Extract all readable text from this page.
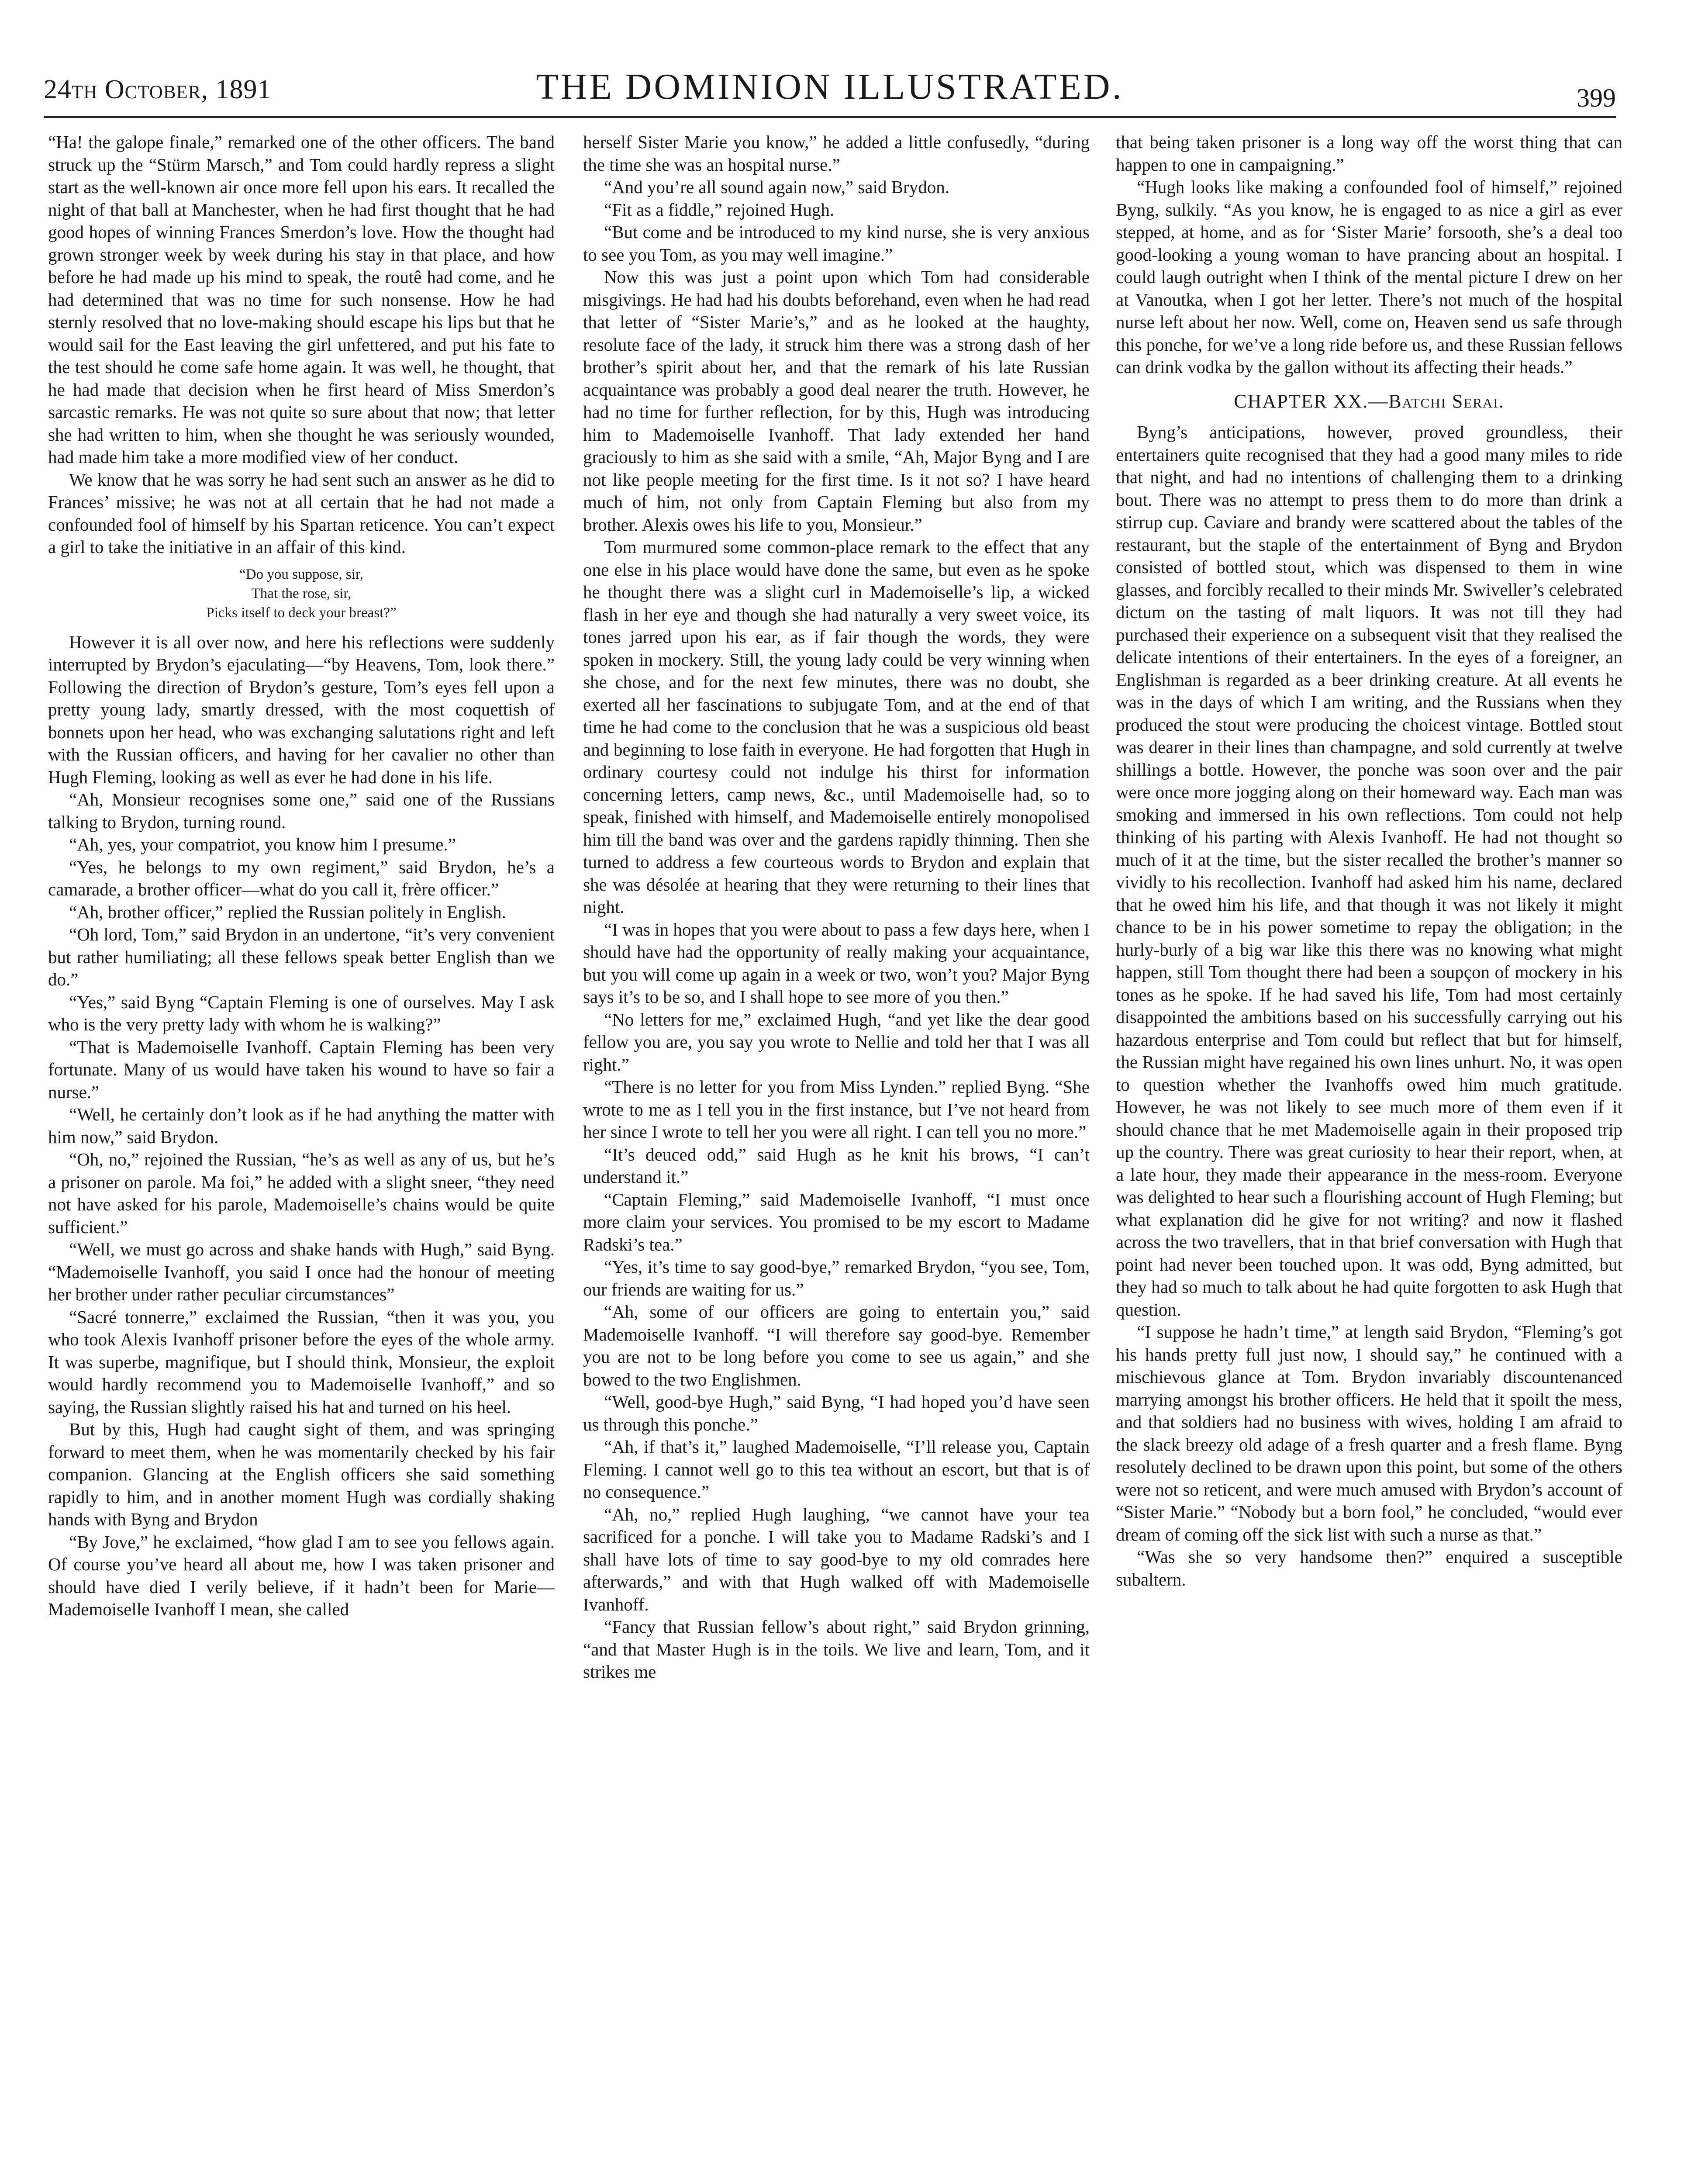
24th October, 1891	THE DOMINION ILLUSTRATED.	399

“Ha! the galope finale,” remarked one of the other officers. The band struck up the “Stürm Marsch,” and Tom could hardly repress a slight start as the well-known air once more fell upon his ears. It recalled the night of that ball at Manchester, when he had first thought that he had good hopes of winning Frances Smerdon’s love. How the thought had grown stronger week by week during his stay in that place, and how before he had made up his mind to speak, the routê had come, and he had determined that was no time for such nonsense. How he had sternly resolved that no love-making should escape his lips but that he would sail for the East leaving the girl unfettered, and put his fate to the test should he come safe home again. It was well, he thought, that he had made that decision when he first heard of Miss Smerdon’s sarcastic remarks. He was not quite so sure about that now; that letter she had written to him, when she thought he was seriously wounded, had made him take a more modified view of her conduct.

We know that he was sorry he had sent such an answer as he did to Frances’ missive; he was not at all certain that he had not made a confounded fool of himself by his Spartan reticence. You can’t expect a girl to take the initiative in an affair of this kind.

“Do you suppose, sir,
That the rose, sir,
Picks itself to deck your breast?”

However it is all over now, and here his reflections were suddenly interrupted by Brydon’s ejaculating—“by Heavens, Tom, look there.” Following the direction of Brydon’s gesture, Tom’s eyes fell upon a pretty young lady, smartly dressed, with the most coquettish of bonnets upon her head, who was exchanging salutations right and left with the Russian officers, and having for her cavalier no other than Hugh Fleming, looking as well as ever he had done in his life.

“Ah, Monsieur recognises some one,” said one of the Russians talking to Brydon, turning round.

“Ah, yes, your compatriot, you know him I presume.”

“Yes, he belongs to my own regiment,” said Brydon, he’s a camarade, a brother officer—what do you call it, frère officer.”

“Ah, brother officer,” replied the Russian politely in English.

“Oh lord, Tom,” said Brydon in an undertone, “it’s very convenient but rather humiliating; all these fellows speak better English than we do.”

“Yes,” said Byng “Captain Fleming is one of ourselves. May I ask who is the very pretty lady with whom he is walking?”

“That is Mademoiselle Ivanhoff. Captain Fleming has been very fortunate. Many of us would have taken his wound to have so fair a nurse.”

“Well, he certainly don’t look as if he had anything the matter with him now,” said Brydon.

“Oh, no,” rejoined the Russian, “he’s as well as any of us, but he’s a prisoner on parole. Ma foi,” he added with a slight sneer, “they need not have asked for his parole, Mademoiselle’s chains would be quite sufficient.”

“Well, we must go across and shake hands with Hugh,” said Byng. “Mademoiselle Ivanhoff, you said I once had the honour of meeting her brother under rather peculiar circumstances”

“Sacré tonnerre,” exclaimed the Russian, “then it was you, you who took Alexis Ivanhoff prisoner before the eyes of the whole army. It was superbe, magnifique, but I should think, Monsieur, the exploit would hardly recommend you to Mademoiselle Ivanhoff,” and so saying, the Russian slightly raised his hat and turned on his heel.

But by this, Hugh had caught sight of them, and was springing forward to meet them, when he was momentarily checked by his fair companion. Glancing at the English officers she said something rapidly to him, and in another moment Hugh was cordially shaking hands with Byng and Brydon

“By Jove,” he exclaimed, “how glad I am to see you fellows again. Of course you’ve heard all about me, how I was taken prisoner and should have died I verily believe, if it hadn’t been for Marie—Mademoiselle Ivanhoff I mean, she called

herself Sister Marie you know,” he added a little confusedly, “during the time she was an hospital nurse.”

“And you’re all sound again now,” said Brydon.

“Fit as a fiddle,” rejoined Hugh.

“But come and be introduced to my kind nurse, she is very anxious to see you Tom, as you may well imagine.”

Now this was just a point upon which Tom had considerable misgivings. He had had his doubts beforehand, even when he had read that letter of “Sister Marie’s,” and as he looked at the haughty, resolute face of the lady, it struck him there was a strong dash of her brother’s spirit about her, and that the remark of his late Russian acquaintance was probably a good deal nearer the truth. However, he had no time for further reflection, for by this, Hugh was introducing him to Mademoiselle Ivanhoff. That lady extended her hand graciously to him as she said with a smile, “Ah, Major Byng and I are not like people meeting for the first time. Is it not so? I have heard much of him, not only from Captain Fleming but also from my brother. Alexis owes his life to you, Monsieur.”

Tom murmured some common-place remark to the effect that any one else in his place would have done the same, but even as he spoke he thought there was a slight curl in Mademoiselle’s lip, a wicked flash in her eye and though she had naturally a very sweet voice, its tones jarred upon his ear, as if fair though the words, they were spoken in mockery. Still, the young lady could be very winning when she chose, and for the next few minutes, there was no doubt, she exerted all her fascinations to subjugate Tom, and at the end of that time he had come to the conclusion that he was a suspicious old beast and beginning to lose faith in everyone. He had forgotten that Hugh in ordinary courtesy could not indulge his thirst for information concerning letters, camp news, &c., until Mademoiselle had, so to speak, finished with himself, and Mademoiselle entirely monopolised him till the band was over and the gardens rapidly thinning. Then she turned to address a few courteous words to Brydon and explain that she was désolée at hearing that they were returning to their lines that night.

“I was in hopes that you were about to pass a few days here, when I should have had the opportunity of really making your acquaintance, but you will come up again in a week or two, won’t you? Major Byng says it’s to be so, and I shall hope to see more of you then.”

“No letters for me,” exclaimed Hugh, “and yet like the dear good fellow you are, you say you wrote to Nellie and told her that I was all right.”

“There is no letter for you from Miss Lynden.” replied Byng. “She wrote to me as I tell you in the first instance, but I’ve not heard from her since I wrote to tell her you were all right. I can tell you no more.”

“It’s deuced odd,” said Hugh as he knit his brows, “I can’t understand it.”

“Captain Fleming,” said Mademoiselle Ivanhoff, “I must once more claim your services. You promised to be my escort to Madame Radski’s tea.”

“Yes, it’s time to say good-bye,” remarked Brydon, “you see, Tom, our friends are waiting for us.”

“Ah, some of our officers are going to entertain you,” said Mademoiselle Ivanhoff. “I will therefore say good-bye. Remember you are not to be long before you come to see us again,” and she bowed to the two Englishmen.

“Well, good-bye Hugh,” said Byng, “I had hoped you’d have seen us through this ponche.”

“Ah, if that’s it,” laughed Mademoiselle, “I’ll release you, Captain Fleming. I cannot well go to this tea without an escort, but that is of no consequence.”

“Ah, no,” replied Hugh laughing, “we cannot have your tea sacrificed for a ponche. I will take you to Madame Radski’s and I shall have lots of time to say good-bye to my old comrades here afterwards,” and with that Hugh walked off with Mademoiselle Ivanhoff.

“Fancy that Russian fellow’s about right,” said Brydon grinning, “and that Master Hugh is in the toils. We live and learn, Tom, and it strikes me

that being taken prisoner is a long way off the worst thing that can happen to one in campaigning.”

“Hugh looks like making a confounded fool of himself,” rejoined Byng, sulkily. “As you know, he is engaged to as nice a girl as ever stepped, at home, and as for ‘Sister Marie’ forsooth, she’s a deal too good-looking a young woman to have prancing about an hospital. I could laugh outright when I think of the mental picture I drew on her at Vanoutka, when I got her letter. There’s not much of the hospital nurse left about her now. Well, come on, Heaven send us safe through this ponche, for we’ve a long ride before us, and these Russian fellows can drink vodka by the gallon without its affecting their heads.”

CHAPTER XX.—Batchi Serai.

Byng’s anticipations, however, proved groundless, their entertainers quite recognised that they had a good many miles to ride that night, and had no intentions of challenging them to a drinking bout. There was no attempt to press them to do more than drink a stirrup cup. Caviare and brandy were scattered about the tables of the restaurant, but the staple of the entertainment of Byng and Brydon consisted of bottled stout, which was dispensed to them in wine glasses, and forcibly recalled to their minds Mr. Swiveller’s celebrated dictum on the tasting of malt liquors. It was not till they had purchased their experience on a subsequent visit that they realised the delicate intentions of their entertainers. In the eyes of a foreigner, an Englishman is regarded as a beer drinking creature. At all events he was in the days of which I am writing, and the Russians when they produced the stout were producing the choicest vintage. Bottled stout was dearer in their lines than champagne, and sold currently at twelve shillings a bottle. However, the ponche was soon over and the pair were once more jogging along on their homeward way. Each man was smoking and immersed in his own reflections. Tom could not help thinking of his parting with Alexis Ivanhoff. He had not thought so much of it at the time, but the sister recalled the brother’s manner so vividly to his recollection. Ivanhoff had asked him his name, declared that he owed him his life, and that though it was not likely it might chance to be in his power sometime to repay the obligation; in the hurly-burly of a big war like this there was no knowing what might happen, still Tom thought there had been a soupçon of mockery in his tones as he spoke. If he had saved his life, Tom had most certainly disappointed the ambitions based on his successfully carrying out his hazardous enterprise and Tom could but reflect that but for himself, the Russian might have regained his own lines unhurt. No, it was open to question whether the Ivanhoffs owed him much gratitude. However, he was not likely to see much more of them even if it should chance that he met Mademoiselle again in their proposed trip up the country. There was great curiosity to hear their report, when, at a late hour, they made their appearance in the mess-room. Everyone was delighted to hear such a flourishing account of Hugh Fleming; but what explanation did he give for not writing? and now it flashed across the two travellers, that in that brief conversation with Hugh that point had never been touched upon. It was odd, Byng admitted, but they had so much to talk about he had quite forgotten to ask Hugh that question.

“I suppose he hadn’t time,” at length said Brydon, “Fleming’s got his hands pretty full just now, I should say,” he continued with a mischievous glance at Tom. Brydon invariably discountenanced marrying amongst his brother officers. He held that it spoilt the mess, and that soldiers had no business with wives, holding I am afraid to the slack breezy old adage of a fresh quarter and a fresh flame. Byng resolutely declined to be drawn upon this point, but some of the others were not so reticent, and were much amused with Brydon’s account of “Sister Marie.” “Nobody but a born fool,” he concluded, “would ever dream of coming off the sick list with such a nurse as that.”

“Was she so very handsome then?” enquired a susceptible subaltern.
